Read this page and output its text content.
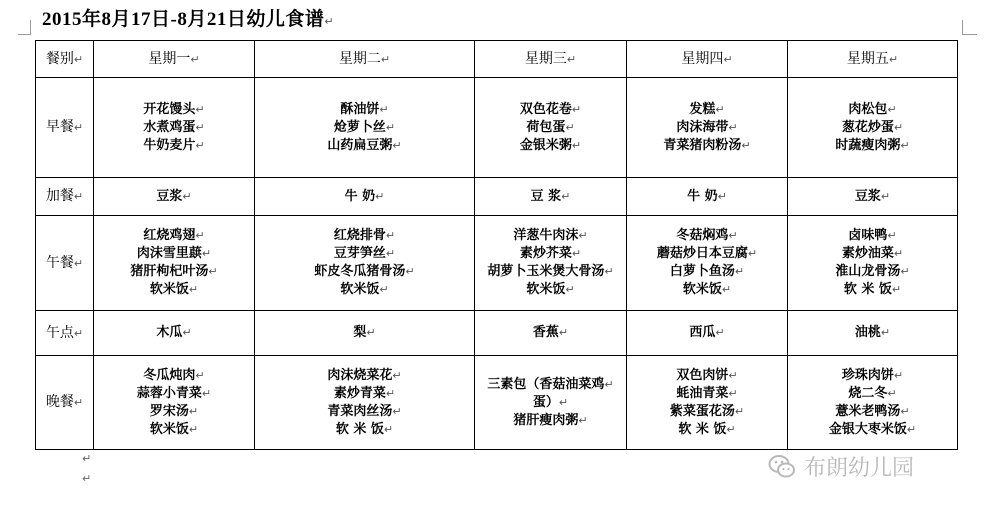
2015年8月17日-8月21日幼儿食谱↵
餐别↵	星期一↵	星期二↵	星期三↵	星期四↵	星期五↵
早餐↵	开花馒头↵
水煮鸡蛋↵
牛奶麦片↵	酥油饼↵
炝萝卜丝↵
山药扁豆粥↵	双色花卷↵
荷包蛋↵
金银米粥↵	发糕↵
肉沫海带↵
青菜猪肉粉汤↵	肉松包↵
葱花炒蛋↵
时蔬瘦肉粥↵

加餐↵	豆浆↵	牛 奶↵	豆 浆↵	牛 奶↵	豆浆↵

午餐↵	红烧鸡翅↵
肉沫雪里蕻↵
猪肝枸杞叶汤↵
软米饭↵	红烧排骨↵
豆芽笋丝↵
虾皮冬瓜猪骨汤↵
软米饭↵	洋葱牛肉沫↵
素炒芥菜↵
胡萝卜玉米煲大骨汤↵
软米饭↵	冬菇焖鸡↵
蘑菇炒日本豆腐↵
白萝卜鱼汤↵
软米饭↵	卤味鸭↵
素炒油菜↵
淮山龙骨汤↵
软 米 饭↵

午点↵	木瓜↵	梨↵	香蕉↵	西瓜↵	油桃↵

晚餐↵	冬瓜炖肉↵
蒜蓉小青菜↵
罗宋汤↵
软米饭↵	肉沫烧菜花↵
素炒青菜↵
青菜肉丝汤↵
软 米 饭↵	三素包（香菇油菜鸡↵
蛋）↵
猪肝瘦肉粥↵	双色肉饼↵
蚝油青菜↵
紫菜蛋花汤↵
软 米 饭↵	珍珠肉饼↵
烧二冬↵
薏米老鸭汤↵
金银大枣米饭↵
↵
↵	布朗幼儿园
